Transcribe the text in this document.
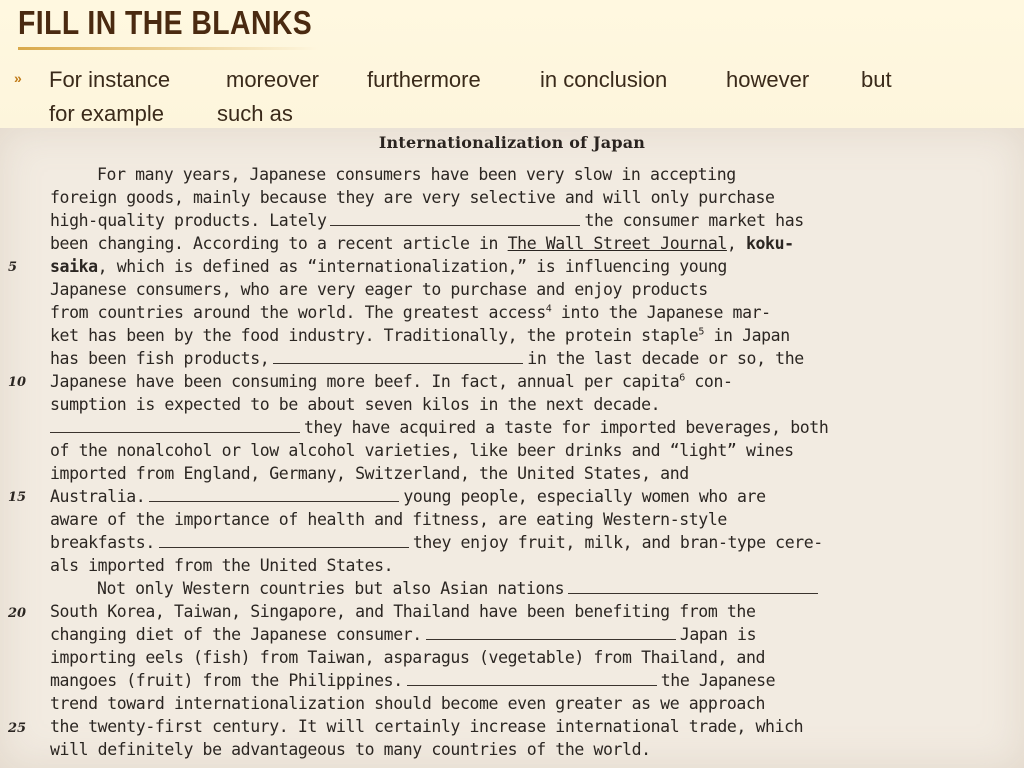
FILL IN THE BLANKS
» For instance	moreover furthermore	in conclusion	however but
for example such as
Internationalization of Japan
5
10
15
20
25
For many years, Japanese consumers have been very slow in accepting
foreign goods, mainly because they are very selective and will only purchase
high-quality products. Lately	the consumer market has
been changing. According to a recent article in The Wall Street Journal, koku-
saika, which is defined as “internationalization,” is influencing young
Japanese consumers, who are very eager to purchase and enjoy products
from countries around the world. The greatest access$^4$ into the Japanese mar-
ket has been by the food industry. Traditionally, the protein staple$^5$ in Japan
has been fish products,	in the last decade or so, the
Japanese have been consuming more beef. In fact, annual per capita$^6$ con-
sumption is expected to be about seven kilos in the next decade.
they have acquired a taste for imported beverages, both
of the nonalcohol or low alcohol varieties, like beer drinks and “light” wines
imported from England, Germany, Switzerland, the United States, and
Australia.	young people, especially women who are
aware of the importance of health and fitness, are eating Western-style
breakfasts.	they enjoy fruit, milk, and bran-type cere-
als imported from the United States.
Not only Western countries but also Asian nations
South Korea, Taiwan, Singapore, and Thailand have been benefiting from the
changing diet of the Japanese consumer.	Japan is
importing eels (fish) from Taiwan, asparagus (vegetable) from Thailand, and
mangoes (fruit) from the Philippines.	the Japanese
trend toward internationalization should become even greater as we approach
the twenty-first century. It will certainly increase international trade, which
will definitely be advantageous to many countries of the world.
